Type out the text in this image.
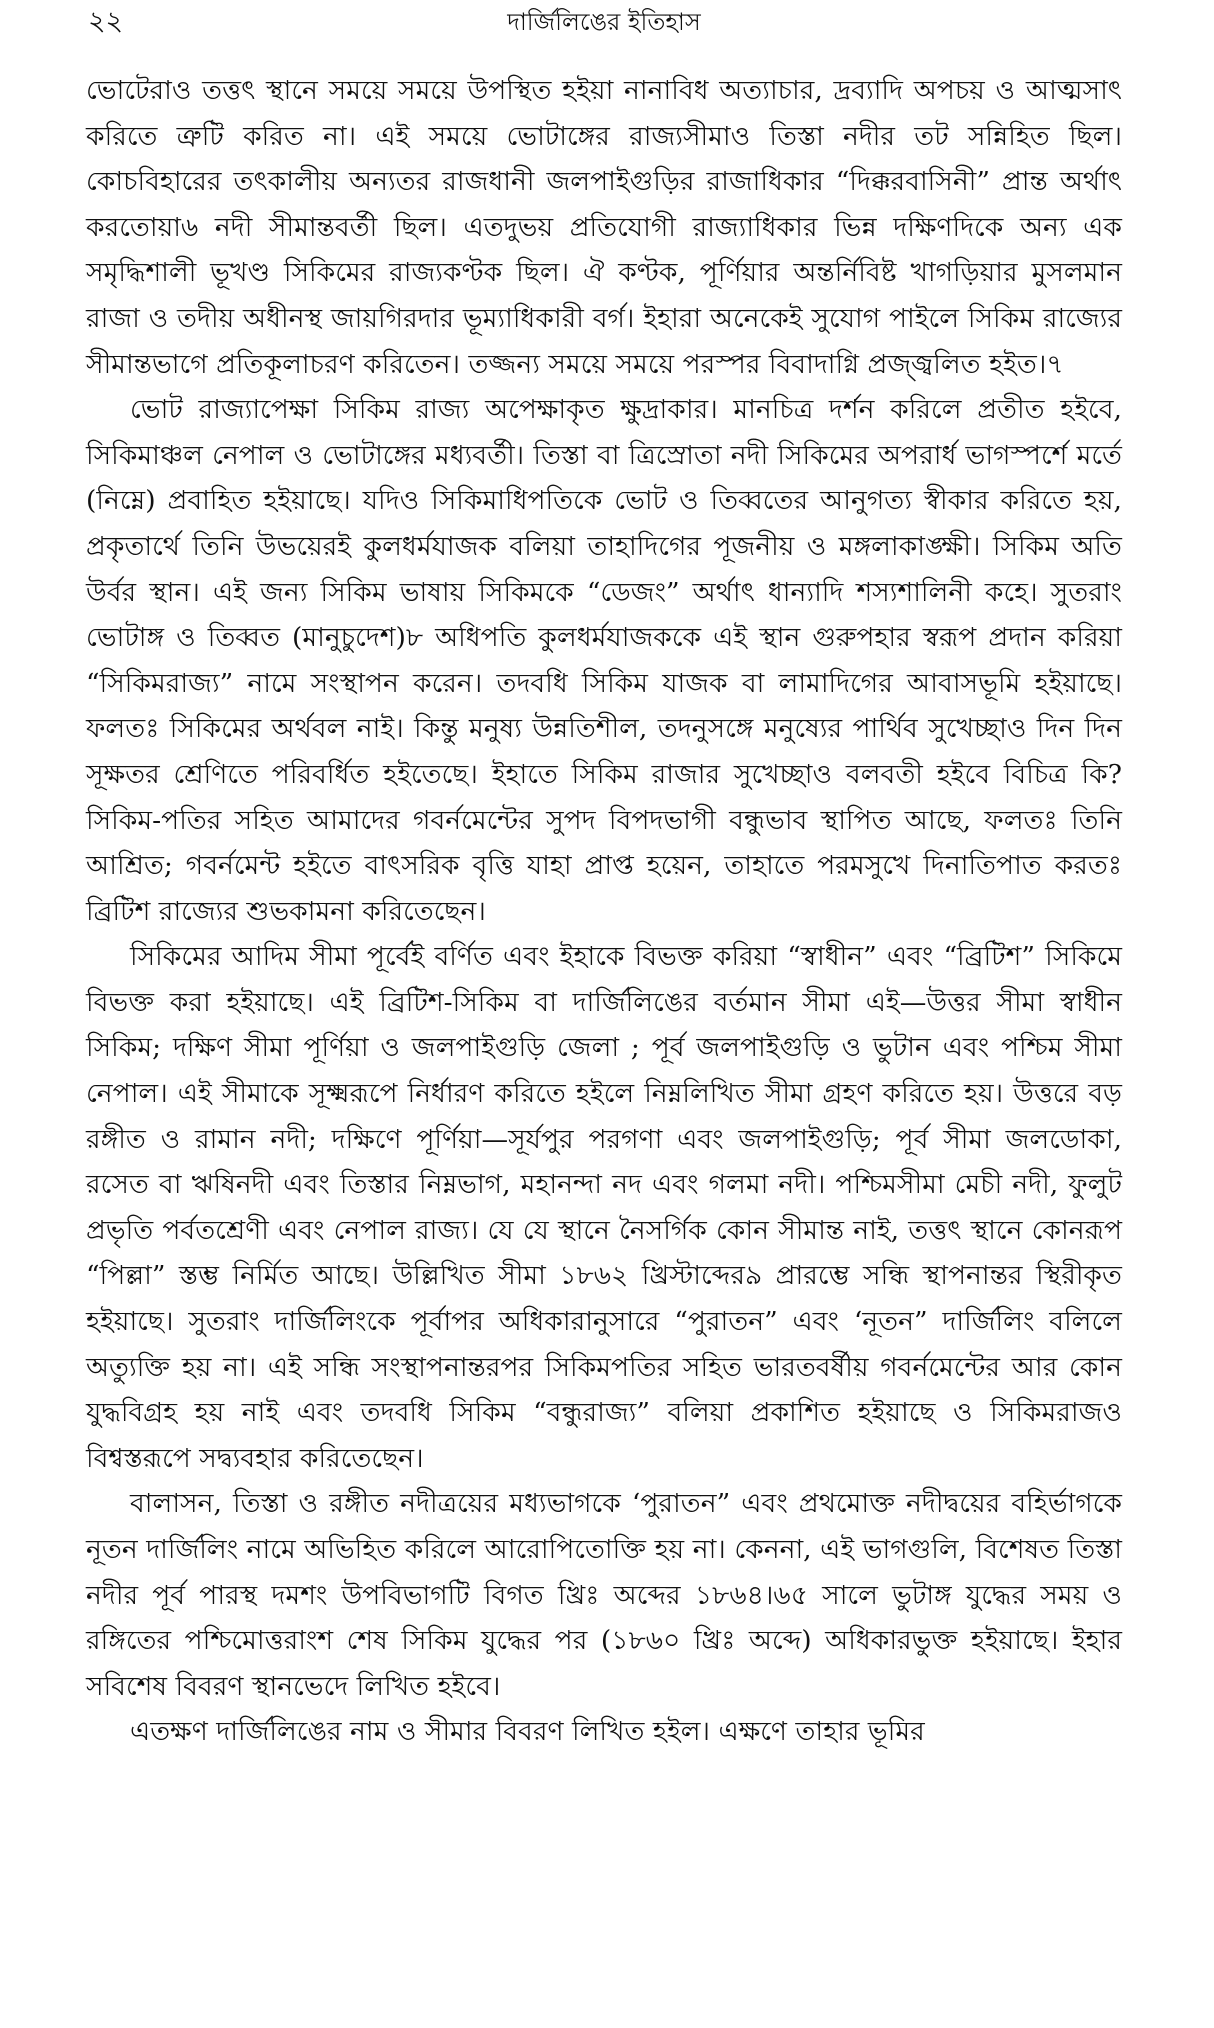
২২	দার্জিলিঙের ইতিহাস

ভোটেরাও তত্তৎ স্থানে সময়ে সময়ে উপস্থিত হইয়া নানাবিধ অত্যাচার, দ্রব্যাদি অপচয় ও আত্মসাৎ করিতে ত্রুটি করিত না। এই সময়ে ভোটাঙ্গের রাজ্যসীমাও তিস্তা নদীর তট সন্নিহিত ছিল। কোচবিহারের তৎকালীয় অন্যতর রাজধানী জলপাইগুড়ির রাজাধিকার “দিক্করবাসিনী” প্রান্ত অর্থাৎ করতোয়া৬ নদী সীমান্তবর্তী ছিল। এতদুভয় প্রতিযোগী রাজ্যাধিকার ভিন্ন দক্ষিণদিকে অন্য এক সমৃদ্ধিশালী ভূখণ্ড সিকিমের রাজ্যকণ্টক ছিল। ঐ কণ্টক, পূর্ণিয়ার অন্তর্নিবিষ্ট খাগড়িয়ার মুসলমান রাজা ও তদীয় অধীনস্থ জায়গিরদার ভূম্যাধিকারী বর্গ। ইহারা অনেকেই সুযোগ পাইলে সিকিম রাজ্যের সীমান্তভাগে প্রতিকূলাচরণ করিতেন। তজ্জন্য সময়ে সময়ে পরস্পর বিবাদাগ্নি প্রজ্জ্বলিত হইত।৭

ভোট রাজ্যাপেক্ষা সিকিম রাজ্য অপেক্ষাকৃত ক্ষুদ্রাকার। মানচিত্র দর্শন করিলে প্রতীত হইবে, সিকিমাঞ্চল নেপাল ও ভোটাঙ্গের মধ্যবর্তী। তিস্তা বা ত্রিস্রোতা নদী সিকিমের অপরার্ধ ভাগস্পর্শে মর্তে (নিম্নে) প্রবাহিত হইয়াছে। যদিও সিকিমাধিপতিকে ভোট ও তিব্বতের আনুগত্য স্বীকার করিতে হয়, প্রকৃতার্থে তিনি উভয়েরই কুলধর্মযাজক বলিয়া তাহাদিগের পূজনীয় ও মঙ্গলাকাঙ্ক্ষী। সিকিম অতি উর্বর স্থান। এই জন্য সিকিম ভাষায় সিকিমকে “ডেজং” অর্থাৎ ধান্যাদি শস্যশালিনী কহে। সুতরাং ভোটাঙ্গ ও তিব্বত (মানুচুদেশ)৮ অধিপতি কুলধর্মযাজককে এই স্থান গুরুপহার স্বরূপ প্রদান করিয়া “সিকিমরাজ্য” নামে সংস্থাপন করেন। তদবধি সিকিম যাজক বা লামাদিগের আবাসভূমি হইয়াছে। ফলতঃ সিকিমের অর্থবল নাই। কিন্তু মনুষ্য উন্নতিশীল, তদনুসঙ্গে মনুষ্যের পার্থিব সুখেচ্ছাও দিন দিন সূক্ষতর শ্রেণিতে পরিবর্ধিত হইতেছে। ইহাতে সিকিম রাজার সুখেচ্ছাও বলবতী হইবে বিচিত্র কি? সিকিম-পতির সহিত আমাদের গবর্নমেন্টের সুপদ বিপদভাগী বন্ধুভাব স্থাপিত আছে, ফলতঃ তিনি আশ্রিত; গবর্নমেন্ট হইতে বাৎসরিক বৃত্তি যাহা প্রাপ্ত হয়েন, তাহাতে পরমসুখে দিনাতিপাত করতঃ ব্রিটিশ রাজ্যের শুভকামনা করিতেছেন।

সিকিমের আদিম সীমা পূর্বেই বর্ণিত এবং ইহাকে বিভক্ত করিয়া “স্বাধীন” এবং “ব্রিটিশ” সিকিমে বিভক্ত করা হইয়াছে। এই ব্রিটিশ-সিকিম বা দার্জিলিঙের বর্তমান সীমা এই—উত্তর সীমা স্বাধীন সিকিম; দক্ষিণ সীমা পূর্ণিয়া ও জলপাইগুড়ি জেলা ; পূর্ব জলপাইগুড়ি ও ভুটান এবং পশ্চিম সীমা নেপাল। এই সীমাকে সূক্ষ্মরূপে নির্ধারণ করিতে হইলে নিম্নলিখিত সীমা গ্রহণ করিতে হয়। উত্তরে বড় রঙ্গীত ও রামান নদী; দক্ষিণে পূর্ণিয়া—সূর্যপুর পরগণা এবং জলপাইগুড়ি; পূর্ব সীমা জলডোকা, রসেত বা ঋষিনদী এবং তিস্তার নিম্নভাগ, মহানন্দা নদ এবং গলমা নদী। পশ্চিমসীমা মেচী নদী, ফুলুট প্রভৃতি পর্বতশ্রেণী এবং নেপাল রাজ্য। যে যে স্থানে নৈসর্গিক কোন সীমান্ত নাই, তত্তৎ স্থানে কোনরূপ “পিল্লা” স্তম্ভ নির্মিত আছে। উল্লিখিত সীমা ১৮৬২ খ্রিস্টাব্দের৯ প্রারম্ভে সন্ধি স্থাপনান্তর স্থিরীকৃত হইয়াছে। সুতরাং দার্জিলিংকে পূর্বাপর অধিকারানুসারে “পুরাতন” এবং ‘নূতন” দার্জিলিং বলিলে অত্যুক্তি হয় না। এই সন্ধি সংস্থাপনান্তরপর সিকিমপতির সহিত ভারতবর্ষীয় গবর্নমেন্টের আর কোন যুদ্ধবিগ্রহ হয় নাই এবং তদবধি সিকিম “বন্ধুরাজ্য” বলিয়া প্রকাশিত হইয়াছে ও সিকিমরাজও বিশ্বস্তরূপে সদ্ব্যবহার করিতেছেন।

বালাসন, তিস্তা ও রঙ্গীত নদীত্রয়ের মধ্যভাগকে ‘পুরাতন” এবং প্রথমোক্ত নদীদ্বয়ের বহির্ভাগকে নূতন দার্জিলিং নামে অভিহিত করিলে আরোপিতোক্তি হয় না। কেননা, এই ভাগগুলি, বিশেষত তিস্তা নদীর পূর্ব পারস্থ দমশং উপবিভাগটি বিগত খ্রিঃ অব্দের ১৮৬৪।৬৫ সালে ভুটাঙ্গ যুদ্ধের সময় ও রঙ্গিতের পশ্চিমোত্তরাংশ শেষ সিকিম যুদ্ধের পর (১৮৬০ খ্রিঃ অব্দে) অধিকারভুক্ত হইয়াছে। ইহার সবিশেষ বিবরণ স্থানভেদে লিখিত হইবে।

এতক্ষণ দার্জিলিঙের নাম ও সীমার বিবরণ লিখিত হইল। এক্ষণে তাহার ভূমির
